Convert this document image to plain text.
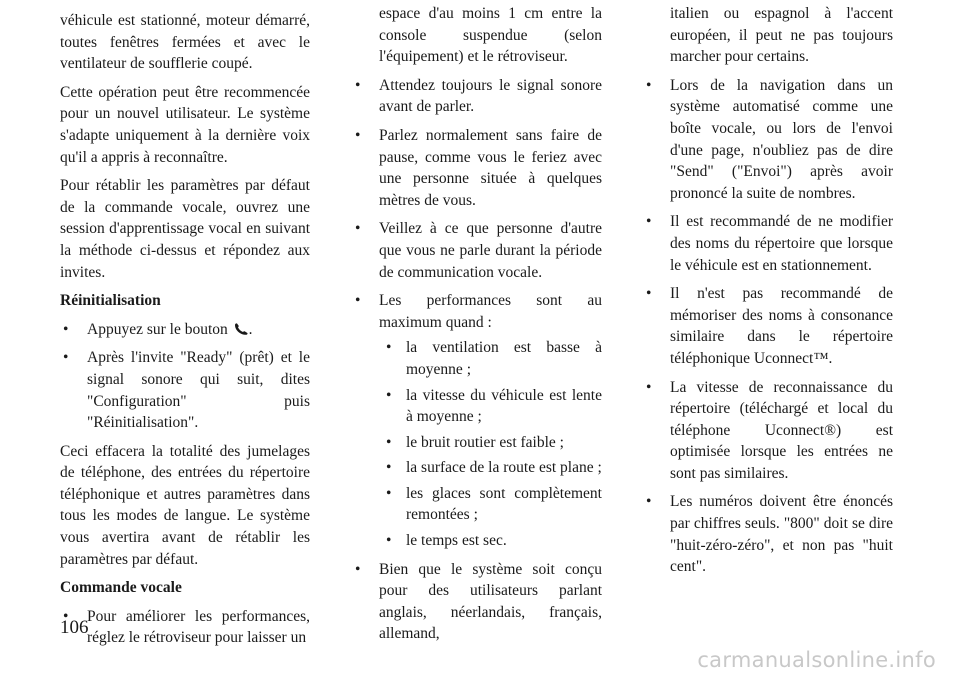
véhicule est stationné, moteur démarré, toutes fenêtres fermées et avec le ventilateur de soufflerie coupé.

Cette opération peut être recommencée pour un nouvel utilisateur. Le système s'adapte uniquement à la dernière voix qu'il a appris à reconnaître.

Pour rétablir les paramètres par défaut de la commande vocale, ouvrez une session d'apprentissage vocal en suivant la méthode ci-dessus et répondez aux invites.

Réinitialisation

• Appuyez sur le bouton .
• Après l'invite "Ready" (prêt) et le signal sonore qui suit, dites "Configuration" puis "Réinitialisation".

Ceci effacera la totalité des jumelages de téléphone, des entrées du répertoire téléphonique et autres paramètres dans tous les modes de langue. Le système vous avertira avant de rétablir les paramètres par défaut.

Commande vocale

• Pour améliorer les performances, réglez le rétroviseur pour laisser un
espace d'au moins 1 cm entre la console suspendue (selon l'équipement) et le rétroviseur.
• Attendez toujours le signal sonore avant de parler.
• Parlez normalement sans faire de pause, comme vous le feriez avec une personne située à quelques mètres de vous.
• Veillez à ce que personne d'autre que vous ne parle durant la période de communication vocale.
• Les performances sont au maximum quand :
• la ventilation est basse à moyenne ;
• la vitesse du véhicule est lente à moyenne ;
• le bruit routier est faible ;
• la surface de la route est plane ;
• les glaces sont complètement remontées ;
• le temps est sec.
• Bien que le système soit conçu pour des utilisateurs parlant anglais, néerlandais, français, allemand,
italien ou espagnol à l'accent européen, il peut ne pas toujours marcher pour certains.
• Lors de la navigation dans un système automatisé comme une boîte vocale, ou lors de l'envoi d'une page, n'oubliez pas de dire "Send" ("Envoi") après avoir prononcé la suite de nombres.
• Il est recommandé de ne modifier des noms du répertoire que lorsque le véhicule est en stationnement.
• Il n'est pas recommandé de mémoriser des noms à consonance similaire dans le répertoire téléphonique Uconnect™.
• La vitesse de reconnaissance du répertoire (téléchargé et local du téléphone Uconnect®) est optimisée lorsque les entrées ne sont pas similaires.
• Les numéros doivent être énoncés par chiffres seuls. "800" doit se dire "huit-zéro-zéro", et non pas "huit cent".
106
carmanualsonline.info
